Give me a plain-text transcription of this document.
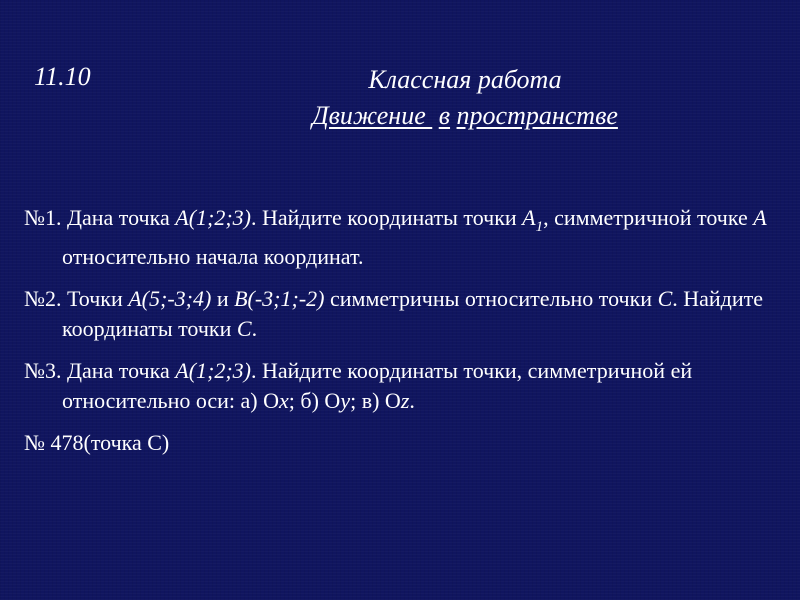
11.10	Классная работа
Движение  в пространстве
№1. Дана точка A(1;2;3). Найдите координаты точки $A_1$, симметричной точке A относительно начала координат.
№2. Точки A(5;-3;4) и B(-3;1;-2) симметричны относительно точки C. Найдите координаты точки C.
№3. Дана точка A(1;2;3). Найдите координаты точки, симметричной ей относительно оси: а) Ox; б) Oy; в) Oz.
№ 478(точка С)
